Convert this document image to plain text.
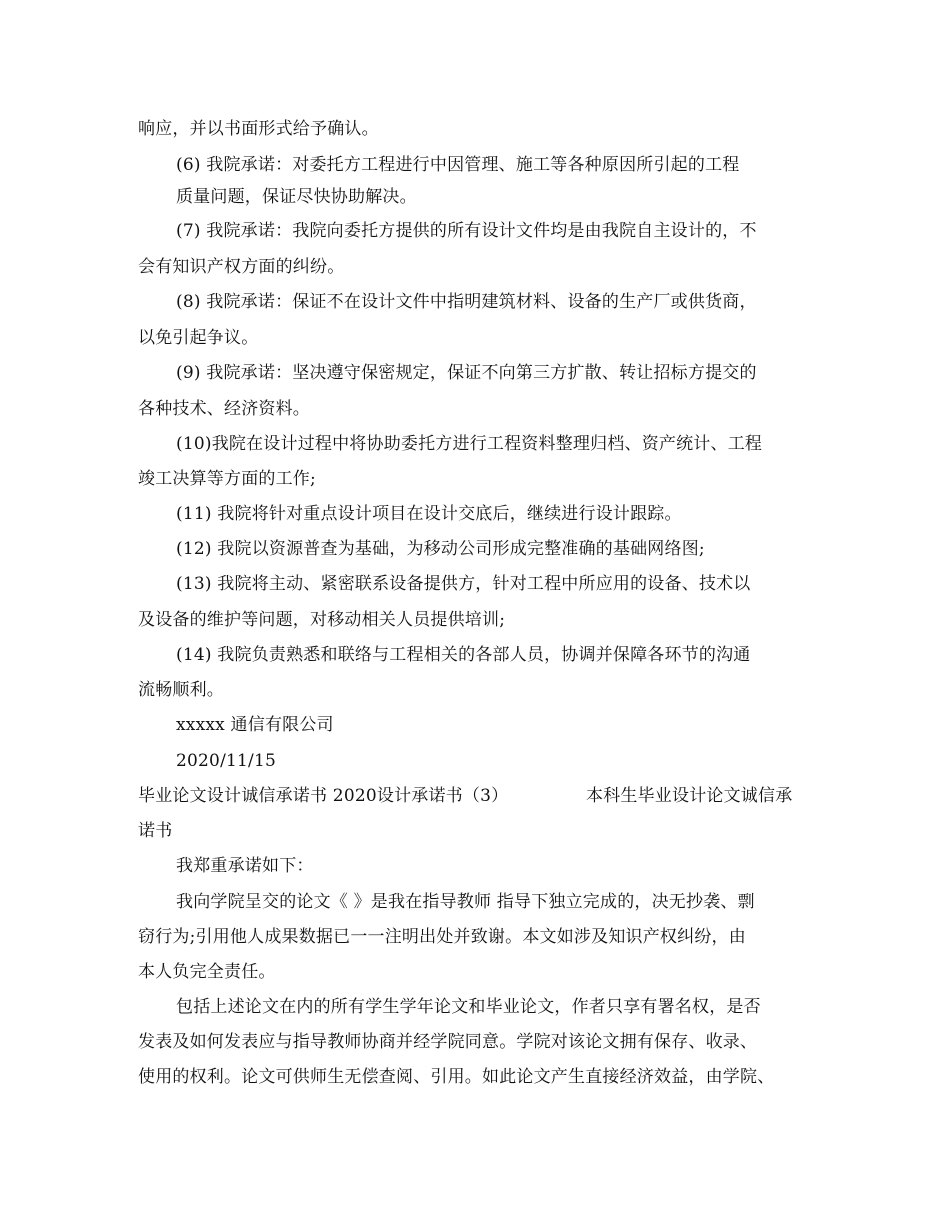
响应，并以书面形式给予确认。
(6) 我院承诺：对委托方工程进行中因管理、施工等各种原因所引起的工程
质量问题，保证尽快协助解决。
(7) 我院承诺：我院向委托方提供的所有设计文件均是由我院自主设计的，不
会有知识产权方面的纠纷。
(8) 我院承诺：保证不在设计文件中指明建筑材料、设备的生产厂或供货商，
以免引起争议。
(9) 我院承诺：坚决遵守保密规定，保证不向第三方扩散、转让招标方提交的
各种技术、经济资料。
(10)我院在设计过程中将协助委托方进行工程资料整理归档、资产统计、工程
竣工决算等方面的工作;
(11) 我院将针对重点设计项目在设计交底后，继续进行设计跟踪。
(12) 我院以资源普查为基础，为移动公司形成完整准确的基础网络图;
(13) 我院将主动、紧密联系设备提供方，针对工程中所应用的设备、技术以
及设备的维护等问题，对移动相关人员提供培训;
(14) 我院负责熟悉和联络与工程相关的各部人员，协调并保障各环节的沟通
流畅顺利。
xxxxx 通信有限公司
2020/11/15
毕业论文设计诚信承诺书 2020设计承诺书（3）	本科生毕业设计论文诚信承
诺书
我郑重承诺如下：
我向学院呈交的论文《 》是我在指导教师 指导下独立完成的，决无抄袭、剽
窃行为;引用他人成果数据已一一注明出处并致谢。本文如涉及知识产权纠纷，由
本人负完全责任。
包括上述论文在内的所有学生学年论文和毕业论文，作者只享有署名权，是否
发表及如何发表应与指导教师协商并经学院同意。学院对该论文拥有保存、收录、
使用的权利。论文可供师生无偿查阅、引用。如此论文产生直接经济效益，由学院、
